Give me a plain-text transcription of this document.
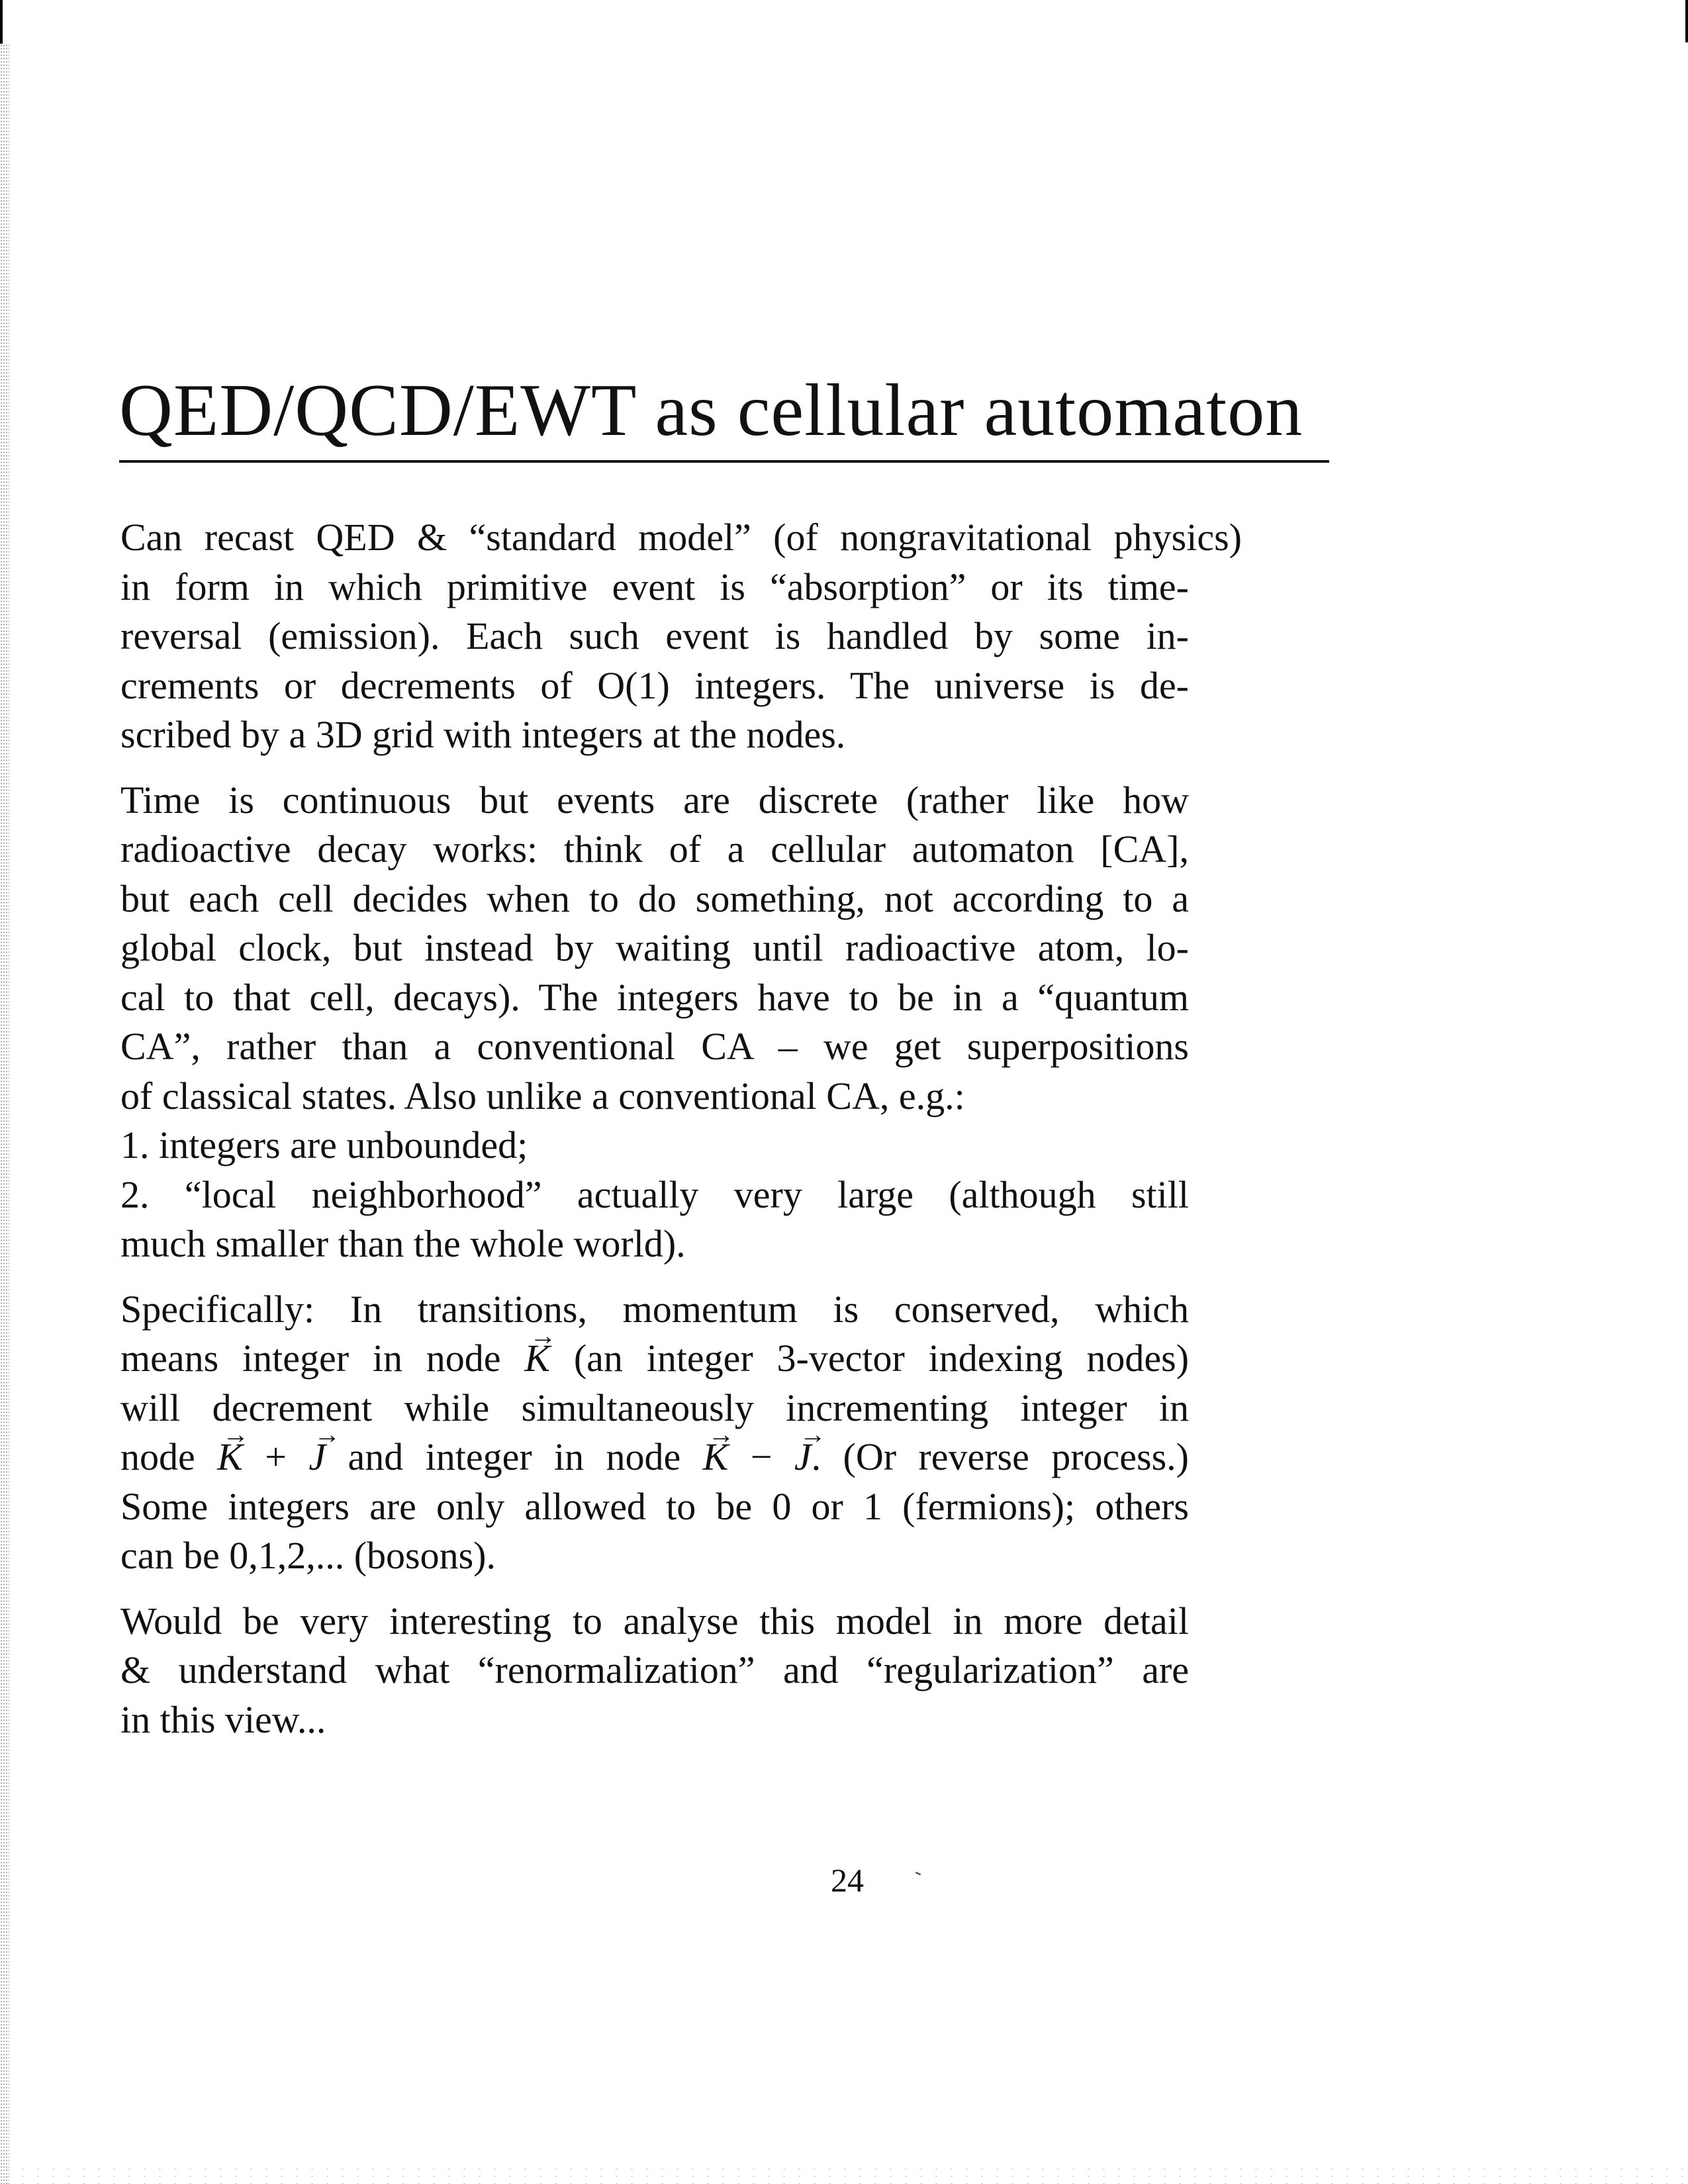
QED/QCD/EWT as cellular automaton
Can recast QED & “standard model” (of nongravitational physics)
in form in which primitive event is “absorption” or its time-
reversal (emission). Each such event is handled by some in-
crements or decrements of O(1) integers. The universe is de-
scribed by a 3D grid with integers at the nodes.
Time is continuous but events are discrete (rather like how
radioactive decay works: think of a cellular automaton [CA],
but each cell decides when to do something, not according to a
global clock, but instead by waiting until radioactive atom, lo-
cal to that cell, decays). The integers have to be in a “quantum
CA”, rather than a conventional CA – we get superpositions
of classical states. Also unlike a conventional CA, e.g.:
1. integers are unbounded;
2. “local neighborhood” actually very large (although still
much smaller than the whole world).
Specifically: In transitions, momentum is conserved, which
means integer in node → K (an integer 3-vector indexing nodes)
will decrement while simultaneously incrementing integer in
node → K + → J and integer in node → K − → J. (Or reverse process.)
Some integers are only allowed to be 0 or 1 (fermions); others
can be 0,1,2,... (bosons).
Would be very interesting to analyse this model in more detail
& understand what “renormalization” and “regularization” are
in this view...
24
